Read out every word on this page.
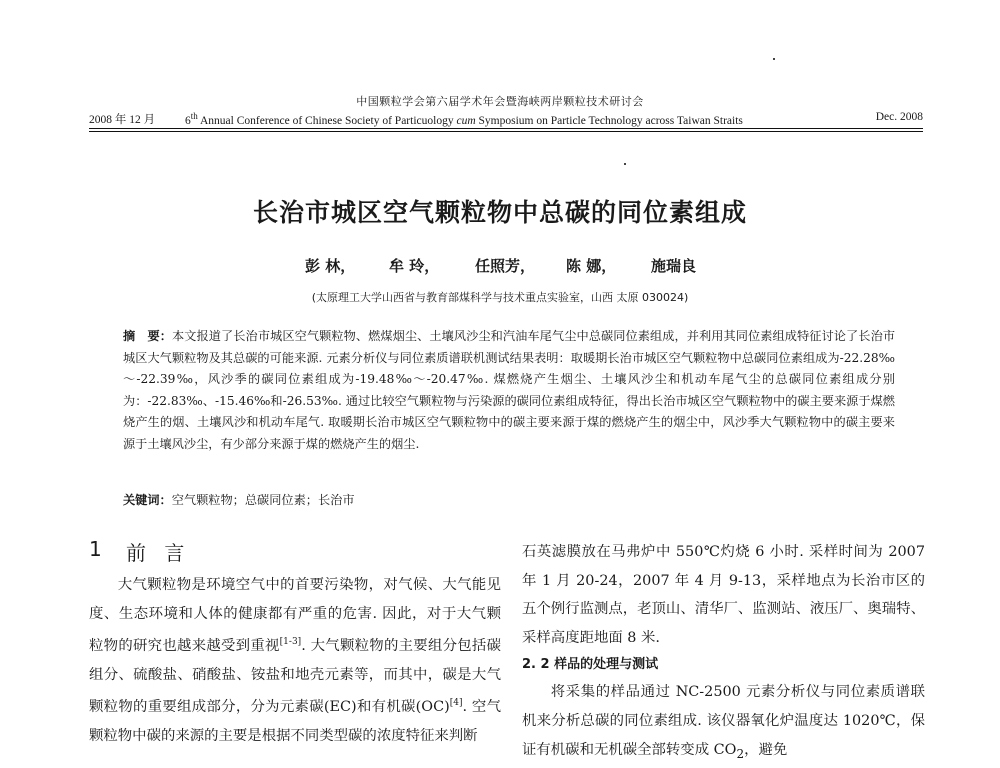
中国颗粒学会第六届学术年会暨海峡两岸颗粒技术研讨会
2008 年 12 月	6th Annual Conference of Chinese Society of Particuology cum Symposium on Particle Technology across Taiwan Straits	Dec. 2008
长治市城区空气颗粒物中总碳的同位素组成
彭 林， 牟 玲， 任照芳， 陈 娜， 施瑞良
(太原理工大学山西省与教育部煤科学与技术重点实验室，山西 太原 030024)
摘　要：本文报道了长治市城区空气颗粒物、燃煤烟尘、土壤风沙尘和汽油车尾气尘中总碳同位素组成，并利用其同位素组成特征讨论了长治市城区大气颗粒物及其总碳的可能来源. 元素分析仪与同位素质谱联机测试结果表明：取暖期长治市城区空气颗粒物中总碳同位素组成为-22.28‰～-22.39‰，风沙季的碳同位素组成为-19.48‰～-20.47‰. 煤燃烧产生烟尘、土壤风沙尘和机动车尾气尘的总碳同位素组成分别为：-22.83‰、-15.46‰和-26.53‰. 通过比较空气颗粒物与污染源的碳同位素组成特征，得出长治市城区空气颗粒物中的碳主要来源于煤燃烧产生的烟、土壤风沙和机动车尾气. 取暖期长治市城区空气颗粒物中的碳主要来源于煤的燃烧产生的烟尘中，风沙季大气颗粒物中的碳主要来源于土壤风沙尘，有少部分来源于煤的燃烧产生的烟尘.
关键词：空气颗粒物；总碳同位素；长治市
1 前 言

大气颗粒物是环境空气中的首要污染物，对气候、大气能见度、生态环境和人体的健康都有严重的危害. 因此，对于大气颗粒物的研究也越来越受到重视[1-3]. 大气颗粒物的主要组分包括碳组分、硫酸盐、硝酸盐、铵盐和地壳元素等，而其中，碳是大气颗粒物的重要组成部分，分为元素碳(EC)和有机碳(OC)[4]. 空气颗粒物中碳的来源的主要是根据不同类型碳的浓度特征来判断

石英滤膜放在马弗炉中 550℃灼烧 6 小时. 采样时间为 2007 年 1 月 20-24，2007 年 4 月 9-13，采样地点为长治市区的五个例行监测点，老顶山、清华厂、监测站、液压厂、奥瑞特、采样高度距地面 8 米.

2. 2 样品的处理与测试

将采集的样品通过 NC-2500 元素分析仪与同位素质谱联机来分析总碳的同位素组成. 该仪器氧化炉温度达 1020℃，保证有机碳和无机碳全部转变成 $CO_2$，避免
